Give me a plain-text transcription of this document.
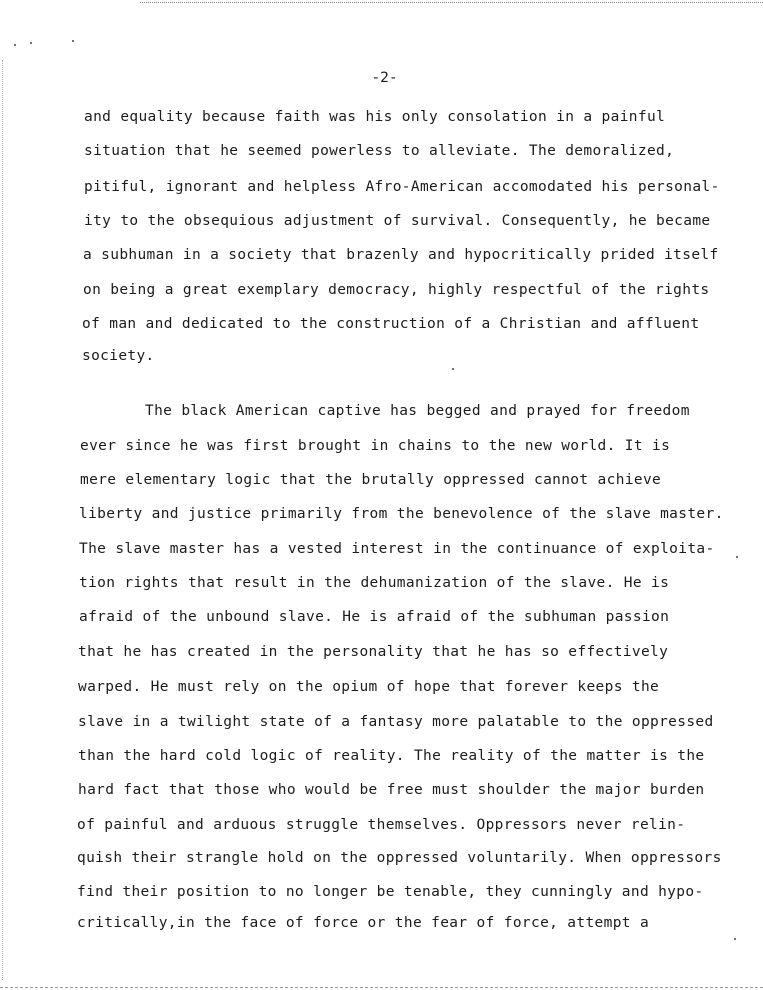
-2-
and equality because faith was his only consolation in a painful
situation that he seemed powerless to alleviate. The demoralized,
pitiful, ignorant and helpless Afro-American accomodated his personal-
ity to the obsequious adjustment of survival. Consequently, he became
a subhuman in a society that brazenly and hypocritically prided itself
on being a great exemplary democracy, highly respectful of the rights
of man and dedicated to the construction of a Christian and affluent
society.
The black American captive has begged and prayed for freedom
ever since he was first brought in chains to the new world. It is
mere elementary logic that the brutally oppressed cannot achieve
liberty and justice primarily from the benevolence of the slave master.
The slave master has a vested interest in the continuance of exploita-
tion rights that result in the dehumanization of the slave. He is
afraid of the unbound slave. He is afraid of the subhuman passion
that he has created in the personality that he has so effectively
warped. He must rely on the opium of hope that forever keeps the
slave in a twilight state of a fantasy more palatable to the oppressed
than the hard cold logic of reality. The reality of the matter is the
hard fact that those who would be free must shoulder the major burden
of painful and arduous struggle themselves. Oppressors never relin-
quish their strangle hold on the oppressed voluntarily. When oppressors
find their position to no longer be tenable, they cunningly and hypo-
critically,in the face of force or the fear of force, attempt a
